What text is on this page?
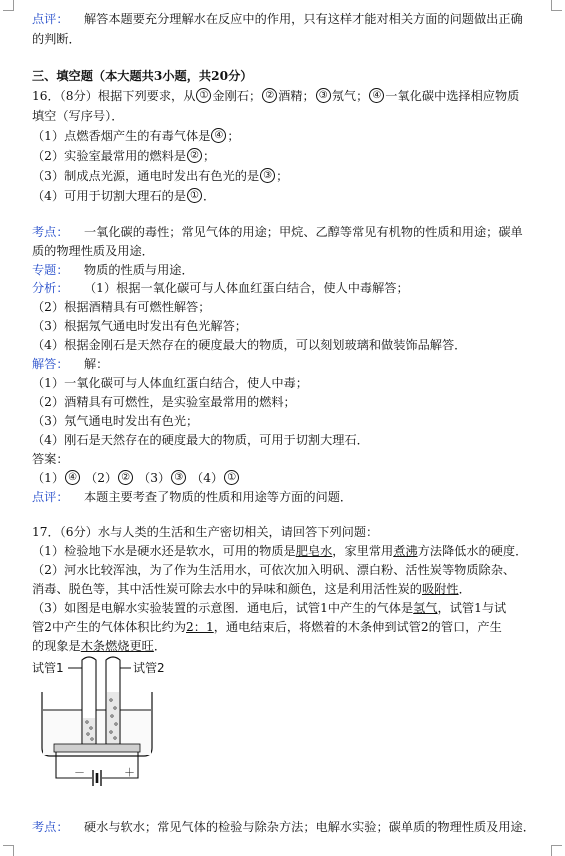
点评： 解答本题要充分理解水在反应中的作用，只有这样才能对相关方面的问题做出正确
的判断．
三、填空题（本大题共3小题，共20分）
16．（8分）根据下列要求，从 ① 金刚石； ② 酒精； ③ 氖气； ④ 一氧化碳中选择相应物质
填空（写序号）．
（1）点燃香烟产生的有毒气体是 ④ ；
（2）实验室最常用的燃料是 ② ；
（3）制成点光源，通电时发出有色光的是 ③ ；
（4）可用于切割大理石的是 ① ．
考点： 一氧化碳的毒性；常见气体的用途；甲烷、乙醇等常见有机物的性质和用途；碳单
质的物理性质及用途．
专题： 物质的性质与用途．
分析： （1）根据一氧化碳可与人体血红蛋白结合，使人中毒解答；
（2）根据酒精具有可燃性解答；
（3）根据氖气通电时发出有色光解答；
（4）根据金刚石是天然存在的硬度最大的物质，可以刻划玻璃和做装饰品解答．
解答： 解：
（1）一氧化碳可与人体血红蛋白结合，使人中毒；
（2）酒精具有可燃性，是实验室最常用的燃料；
（3）氖气通电时发出有色光；
（4）刚石是天然存在的硬度最大的物质，可用于切割大理石．
答案：
（1） ④ （2） ② （3） ③ （4） ①
点评： 本题主要考查了物质的性质和用途等方面的问题．
17．（6分）水与人类的生活和生产密切相关，请回答下列问题：
（1）检验地下水是硬水还是软水，可用的物质是肥皂水，家里常用煮沸方法降低水的硬度．
（2）河水比较浑浊，为了作为生活用水，可依次加入明矾、漂白粉、活性炭等物质除杂、
消毒、脱色等，其中活性炭可除去水中的异味和颜色，这是利用活性炭的吸附性．
（3）如图是电解水实验装置的示意图．通电后，试管1中产生的气体是氢气，试管1与试
管2中产生的气体体积比约为2：1，通电结束后，将燃着的木条伸到试管2的管口，产生
的现象是木条燃烧更旺．
试管1	试管2
－	＋
考点： 硬水与软水；常见气体的检验与除杂方法；电解水实验；碳单质的物理性质及用途．
